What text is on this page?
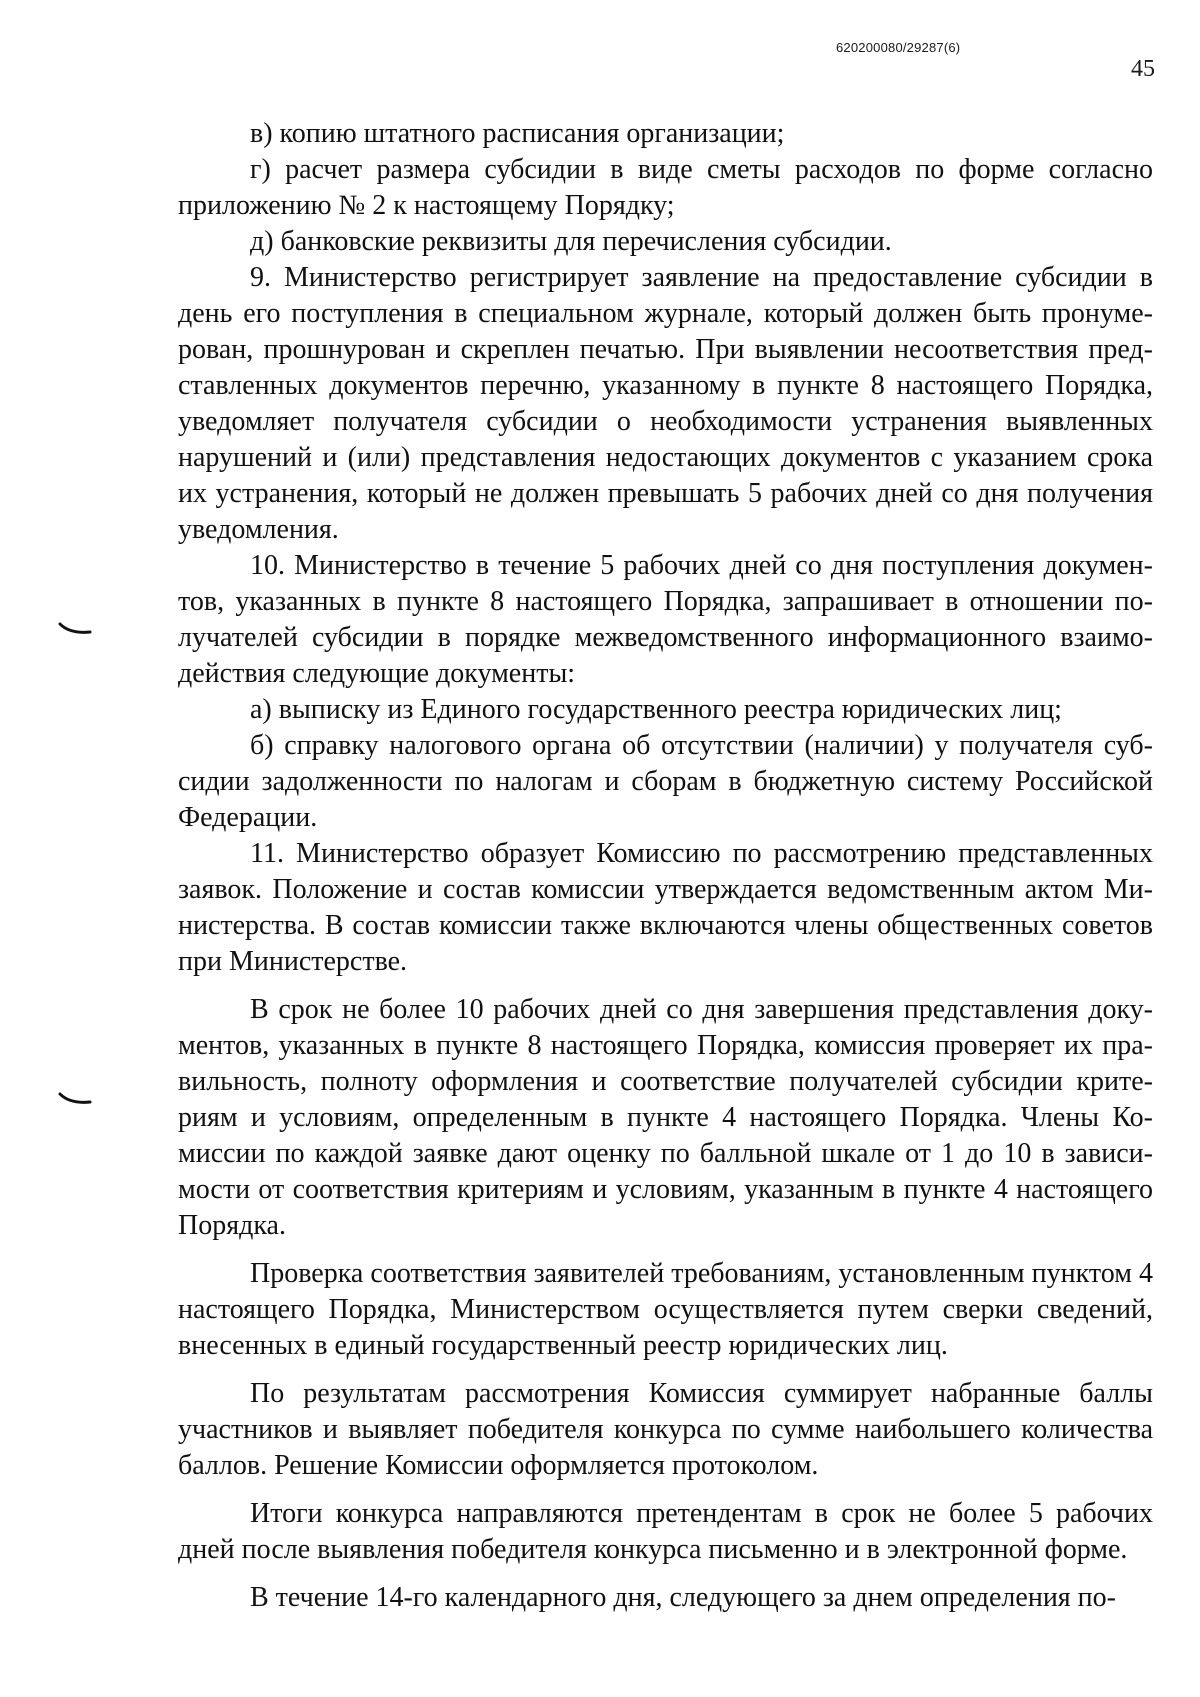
620200080/29287(6)
45

в) копию штатного расписания организации;

г) расчет размера субсидии в виде сметы расходов по форме согласно приложению № 2 к настоящему Порядку;

д) банковские реквизиты для перечисления субсидии.

9. Министерство регистрирует заявление на предоставление субсидии в день его поступления в специальном журнале, который должен быть пронумерован, прошнурован и скреплен печатью. При выявлении несоответствия представленных документов перечню, указанному в пункте 8 настоящего Порядка, уведомляет получателя субсидии о необходимости устранения выявленных нарушений и (или) представления недостающих документов с указанием срока их устранения, который не должен превышать 5 рабочих дней со дня получения уведомления.

10. Министерство в течение 5 рабочих дней со дня поступления документов, указанных в пункте 8 настоящего Порядка, запрашивает в отношении получателей субсидии в порядке межведомственного информационного взаимодействия следующие документы:

а) выписку из Единого государственного реестра юридических лиц;

б) справку налогового органа об отсутствии (наличии) у получателя субсидии задолженности по налогам и сборам в бюджетную систему Российской Федерации.

11. Министерство образует Комиссию по рассмотрению представленных заявок. Положение и состав комиссии утверждается ведомственным актом Министерства. В состав комиссии также включаются члены общественных советов при Министерстве.

В срок не более 10 рабочих дней со дня завершения представления документов, указанных в пункте 8 настоящего Порядка, комиссия проверяет их правильность, полноту оформления и соответствие получателей субсидии критериям и условиям, определенным в пункте 4 настоящего Порядка. Члены Комиссии по каждой заявке дают оценку по балльной шкале от 1 до 10 в зависимости от соответствия критериям и условиям, указанным в пункте 4 настоящего Порядка.

Проверка соответствия заявителей требованиям, установленным пунктом 4 настоящего Порядка, Министерством осуществляется путем сверки сведений, внесенных в единый государственный реестр юридических лиц.

По результатам рассмотрения Комиссия суммирует набранные баллы участников и выявляет победителя конкурса по сумме наибольшего количества баллов. Решение Комиссии оформляется протоколом.

Итоги конкурса направляются претендентам в срок не более 5 рабочих дней после выявления победителя конкурса письменно и в электронной форме.

В течение 14-го календарного дня, следующего за днем определения по-
